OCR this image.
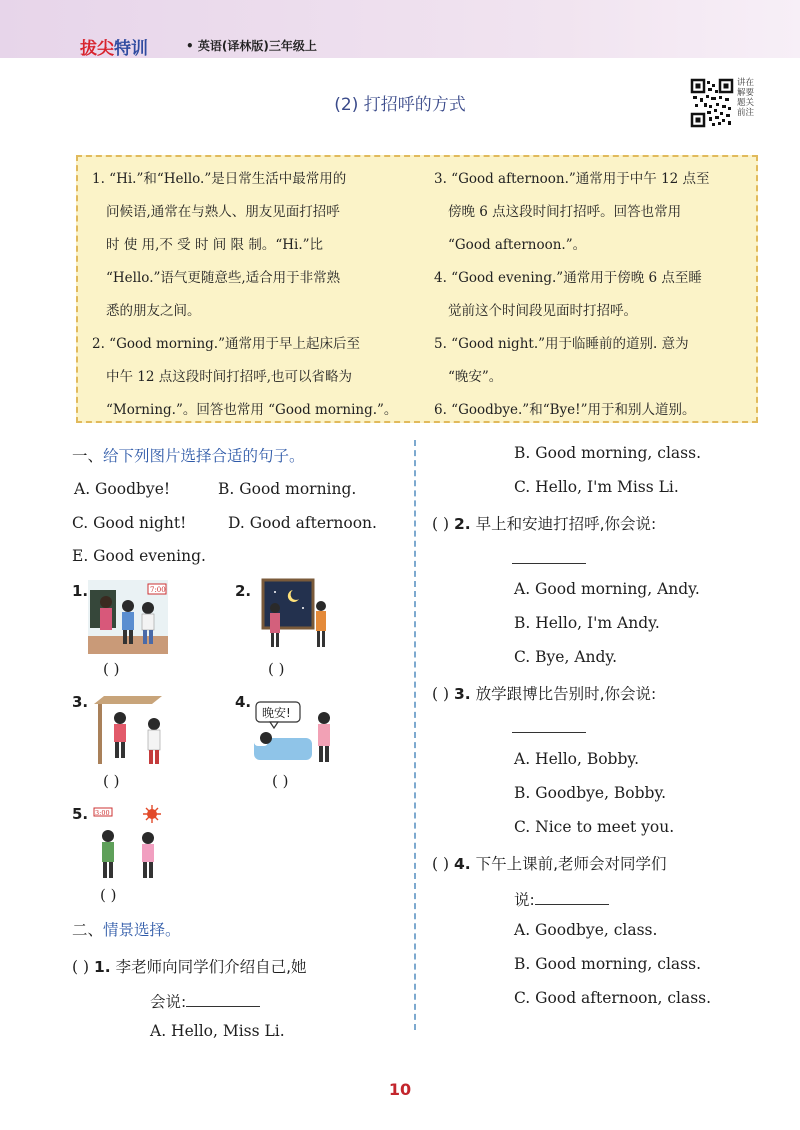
拔尖特训	• 英语(译林版)三年级上
(2) 打招呼的方式
讲在 解要 题关 前注
1. “Hi.”和“Hello.”是日常生活中最常用的
问候语,通常在与熟人、朋友见面打招呼
时 使 用,不 受 时 间 限 制。“Hi.”比
“Hello.”语气更随意些,适合用于非常熟
悉的朋友之间。
2. “Good morning.”通常用于早上起床后至
中午 12 点这段时间打招呼,也可以省略为
“Morning.”。回答也常用 “Good morning.”。
3. “Good afternoon.”通常用于中午 12 点至
傍晚 6 点这段时间打招呼。回答也常用
“Good afternoon.”。
4. “Good evening.”通常用于傍晚 6 点至睡
觉前这个时间段见面时打招呼。
5. “Good night.”用于临睡前的道别. 意为
“晚安”。
6. “Goodbye.”和“Bye!”用于和别人道别。
一、给下列图片选择合适的句子。
A. Goodbye!	B. Good morning.
C. Good night!	D. Good afternoon.
E. Good evening.
1.	7:00
( )
2.
( )
3.
( )
4.
晚安!
( )
5. 3:00
( )
二、情景选择。
( ) 1. 李老师向同学们介绍自己,她
会说:
A. Hello, Miss Li.
B. Good morning, class.
C. Hello, I'm Miss Li.
( ) 2. 早上和安迪打招呼,你会说:
A. Good morning, Andy.
B. Hello, I'm Andy.
C. Bye, Andy.
( ) 3. 放学跟博比告别时,你会说:
A. Hello, Bobby.
B. Goodbye, Bobby.
C. Nice to meet you.
( ) 4. 下午上课前,老师会对同学们
说:
A. Goodbye, class.
B. Good morning, class.
C. Good afternoon, class.
10
